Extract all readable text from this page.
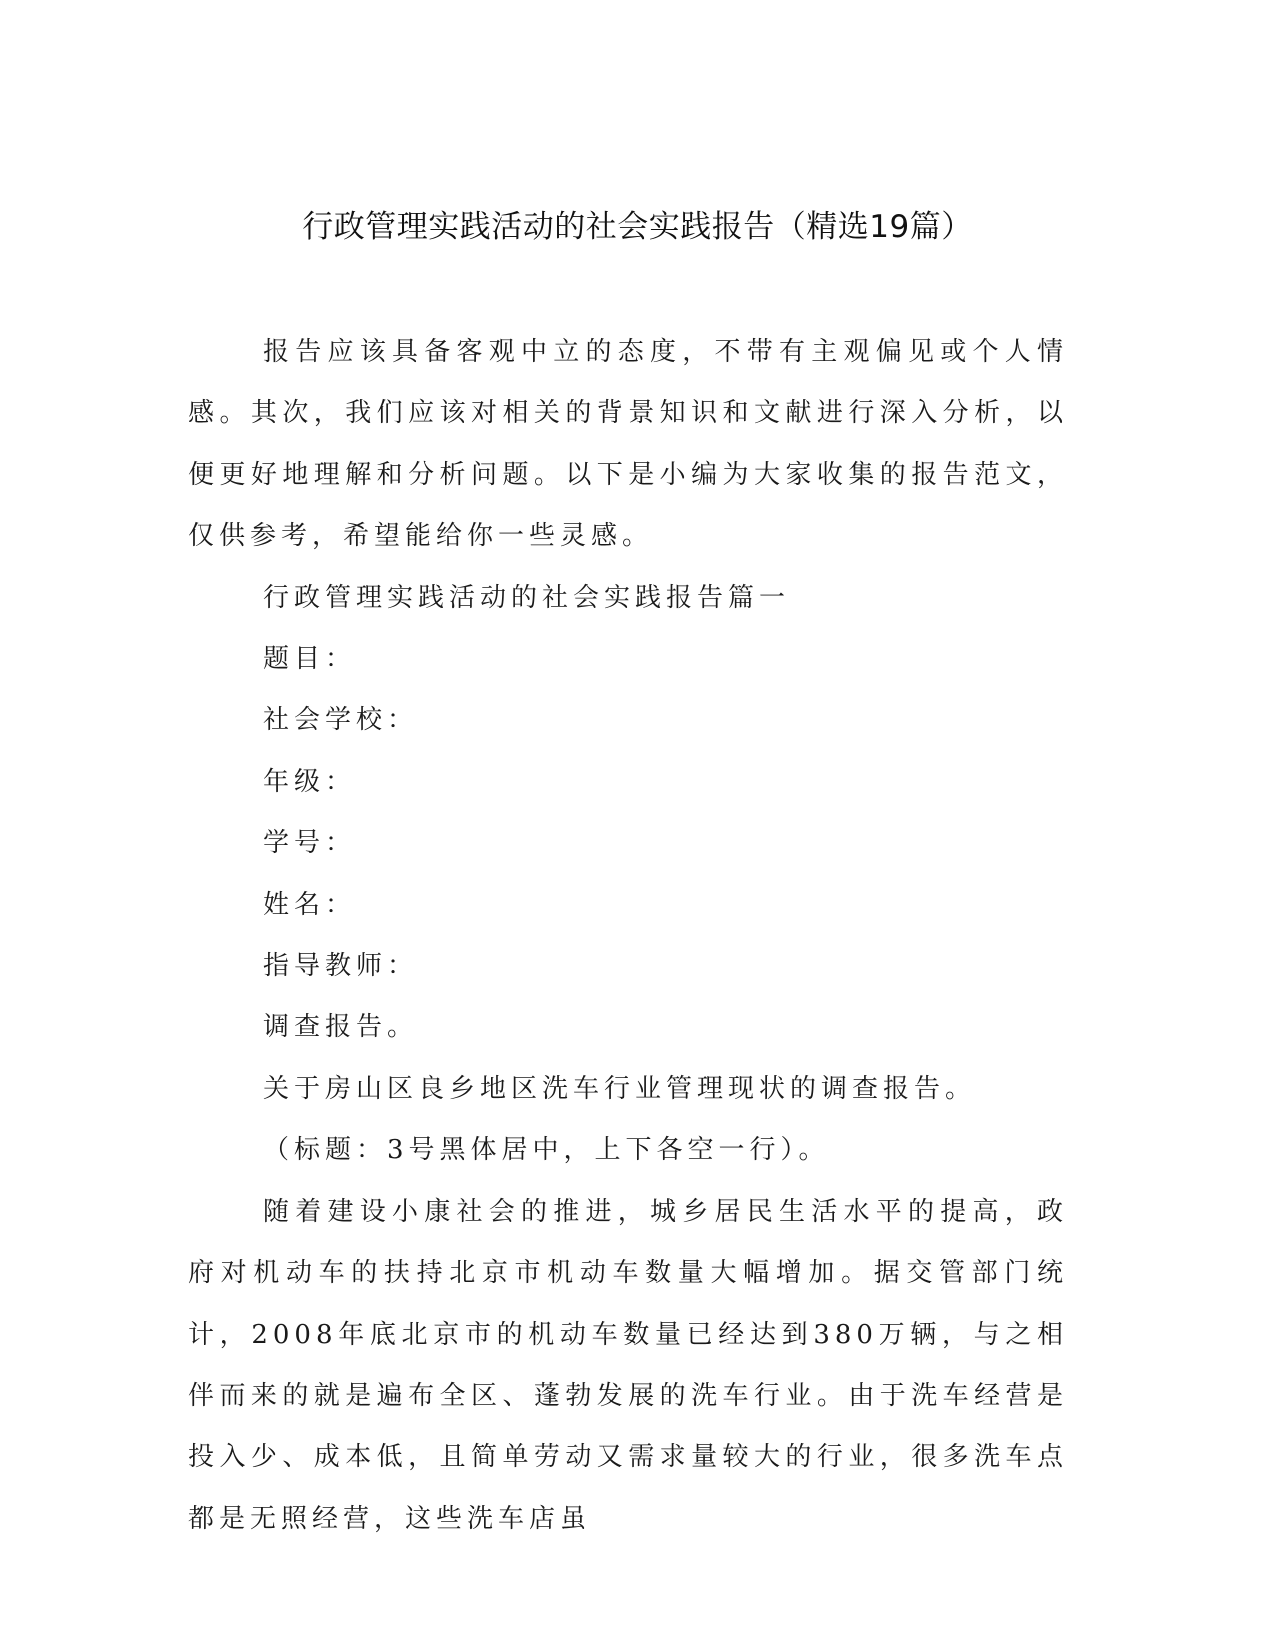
行政管理实践活动的社会实践报告（精选19篇）

报告应该具备客观中立的态度，不带有主观偏见或个人情感。其次，我们应该对相关的背景知识和文献进行深入分析，以便更好地理解和分析问题。以下是小编为大家收集的报告范文，仅供参考，希望能给你一些灵感。

行政管理实践活动的社会实践报告篇一

题目：

社会学校：

年级：

学号：

姓名：

指导教师：

调查报告。

关于房山区良乡地区洗车行业管理现状的调查报告。

（标题：3号黑体居中，上下各空一行）。

随着建设小康社会的推进，城乡居民生活水平的提高，政府对机动车的扶持北京市机动车数量大幅增加。据交管部门统计，2008年底北京市的机动车数量已经达到380万辆，与之相伴而来的就是遍布全区、蓬勃发展的洗车行业。由于洗车经营是投入少、成本低，且简单劳动又需求量较大的行业，很多洗车点都是无照经营，这些洗车店虽
